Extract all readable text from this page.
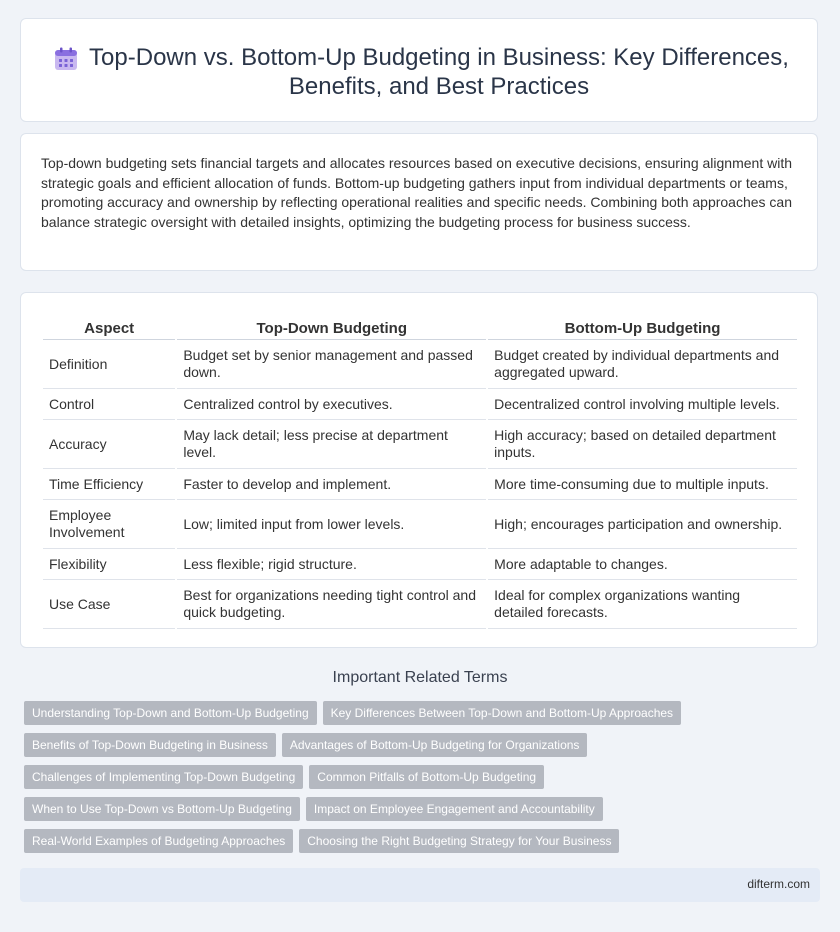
Top-Down vs. Bottom-Up Budgeting in Business: Key Differences, Benefits, and Best Practices

Top-down budgeting sets financial targets and allocates resources based on executive decisions, ensuring alignment with strategic goals and efficient allocation of funds. Bottom-up budgeting gathers input from individual departments or teams, promoting accuracy and ownership by reflecting operational realities and specific needs. Combining both approaches can balance strategic oversight with detailed insights, optimizing the budgeting process for business success.

Aspect	Top-Down Budgeting	Bottom-Up Budgeting
Definition	Budget set by senior management and passed down.	Budget created by individual departments and aggregated upward.
Control	Centralized control by executives.	Decentralized control involving multiple levels.
Accuracy	May lack detail; less precise at department level.	High accuracy; based on detailed department inputs.
Time Efficiency	Faster to develop and implement.	More time-consuming due to multiple inputs.
Employee Involvement	Low; limited input from lower levels.	High; encourages participation and ownership.
Flexibility	Less flexible; rigid structure.	More adaptable to changes.
Use Case	Best for organizations needing tight control and quick budgeting.	Ideal for complex organizations wanting detailed forecasts.
Important Related Terms
Understanding Top-Down and Bottom-Up Budgeting Key Differences Between Top-Down and Bottom-Up Approaches
Benefits of Top-Down Budgeting in Business Advantages of Bottom-Up Budgeting for Organizations
Challenges of Implementing Top-Down Budgeting Common Pitfalls of Bottom-Up Budgeting
When to Use Top-Down vs Bottom-Up Budgeting Impact on Employee Engagement and Accountability
Real-World Examples of Budgeting Approaches Choosing the Right Budgeting Strategy for Your Business
difterm.com
